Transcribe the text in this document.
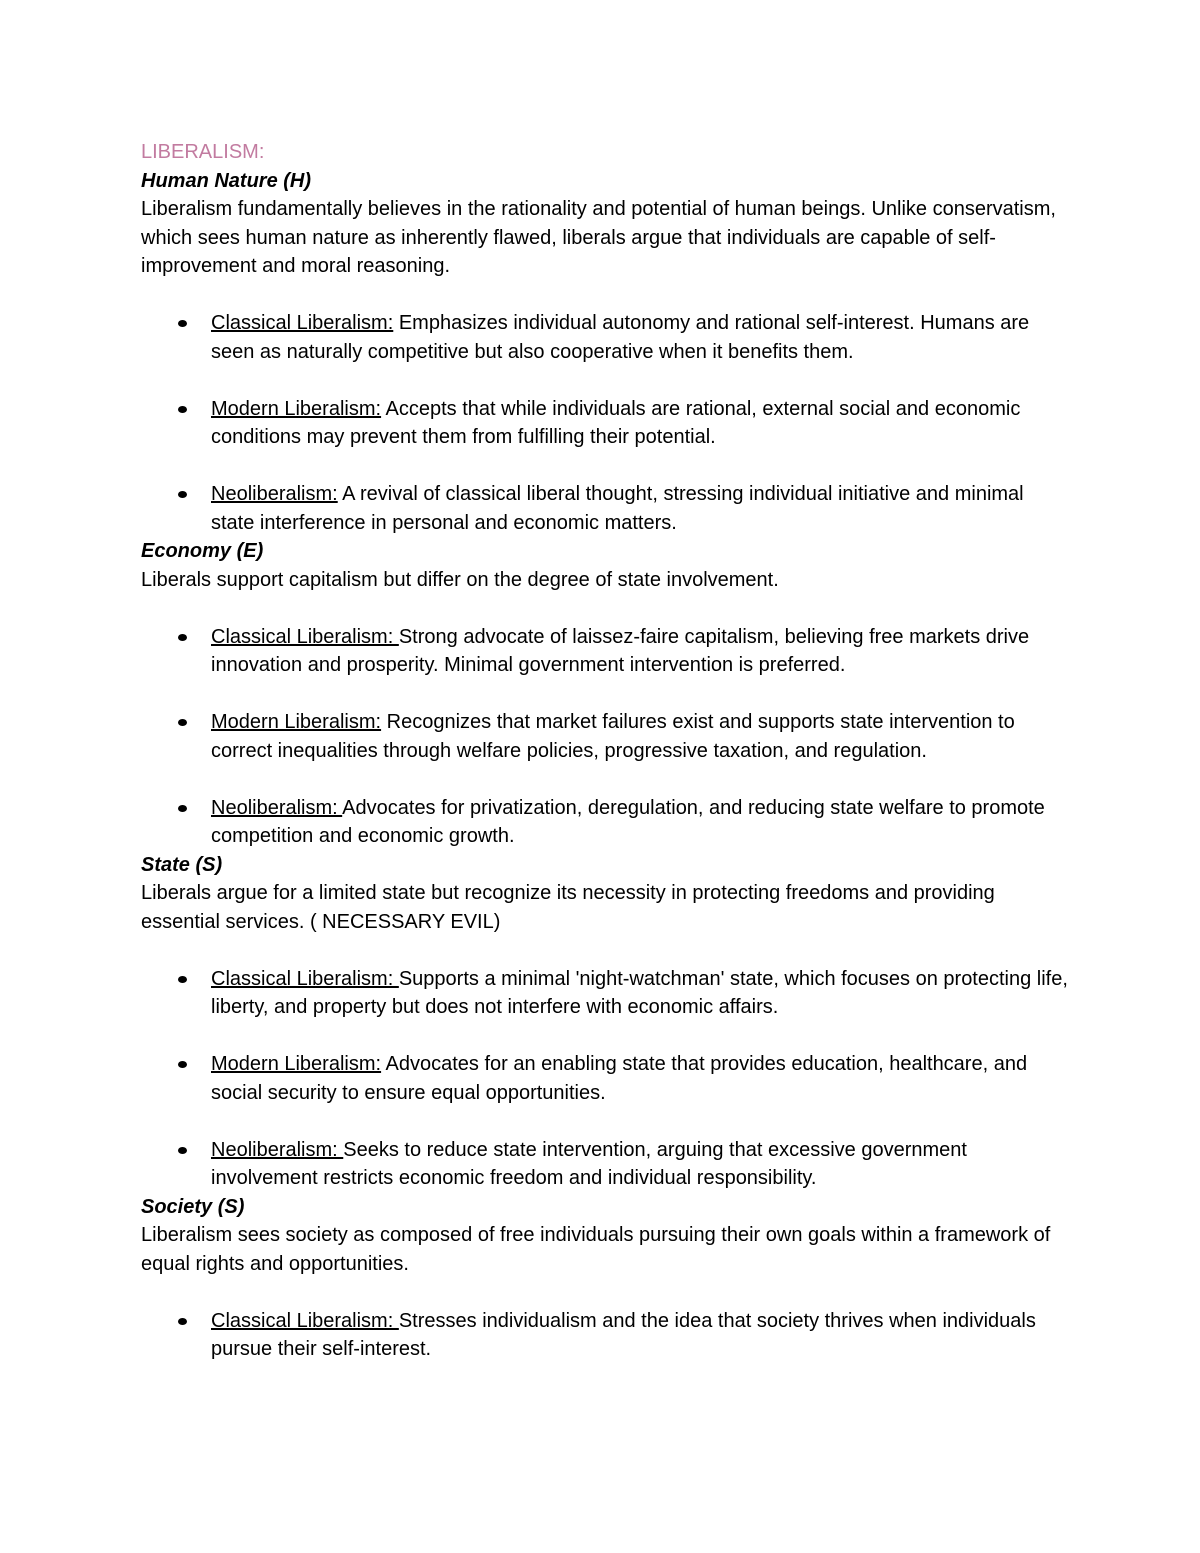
LIBERALISM:
Human Nature (H)

Liberalism fundamentally believes in the rationality and potential of human beings. Unlike conservatism, which sees human nature as inherently flawed, liberals argue that individuals are capable of self-improvement and moral reasoning.

Classical Liberalism: Emphasizes individual autonomy and rational self-interest. Humans are seen as naturally competitive but also cooperative when it benefits them.
Modern Liberalism: Accepts that while individuals are rational, external social and economic conditions may prevent them from fulfilling their potential.
Neoliberalism: A revival of classical liberal thought, stressing individual initiative and minimal state interference in personal and economic matters.
Economy (E)

Liberals support capitalism but differ on the degree of state involvement.

Classical Liberalism: Strong advocate of laissez-faire capitalism, believing free markets drive innovation and prosperity. Minimal government intervention is preferred.
Modern Liberalism: Recognizes that market failures exist and supports state intervention to correct inequalities through welfare policies, progressive taxation, and regulation.
Neoliberalism: Advocates for privatization, deregulation, and reducing state welfare to promote competition and economic growth.
State (S)

Liberals argue for a limited state but recognize its necessity in protecting freedoms and providing essential services. ( NECESSARY EVIL)

Classical Liberalism: Supports a minimal 'night-watchman' state, which focuses on protecting life, liberty, and property but does not interfere with economic affairs.
Modern Liberalism: Advocates for an enabling state that provides education, healthcare, and social security to ensure equal opportunities.
Neoliberalism: Seeks to reduce state intervention, arguing that excessive government involvement restricts economic freedom and individual responsibility.
Society (S)

Liberalism sees society as composed of free individuals pursuing their own goals within a framework of equal rights and opportunities.

Classical Liberalism: Stresses individualism and the idea that society thrives when individuals pursue their self-interest.
